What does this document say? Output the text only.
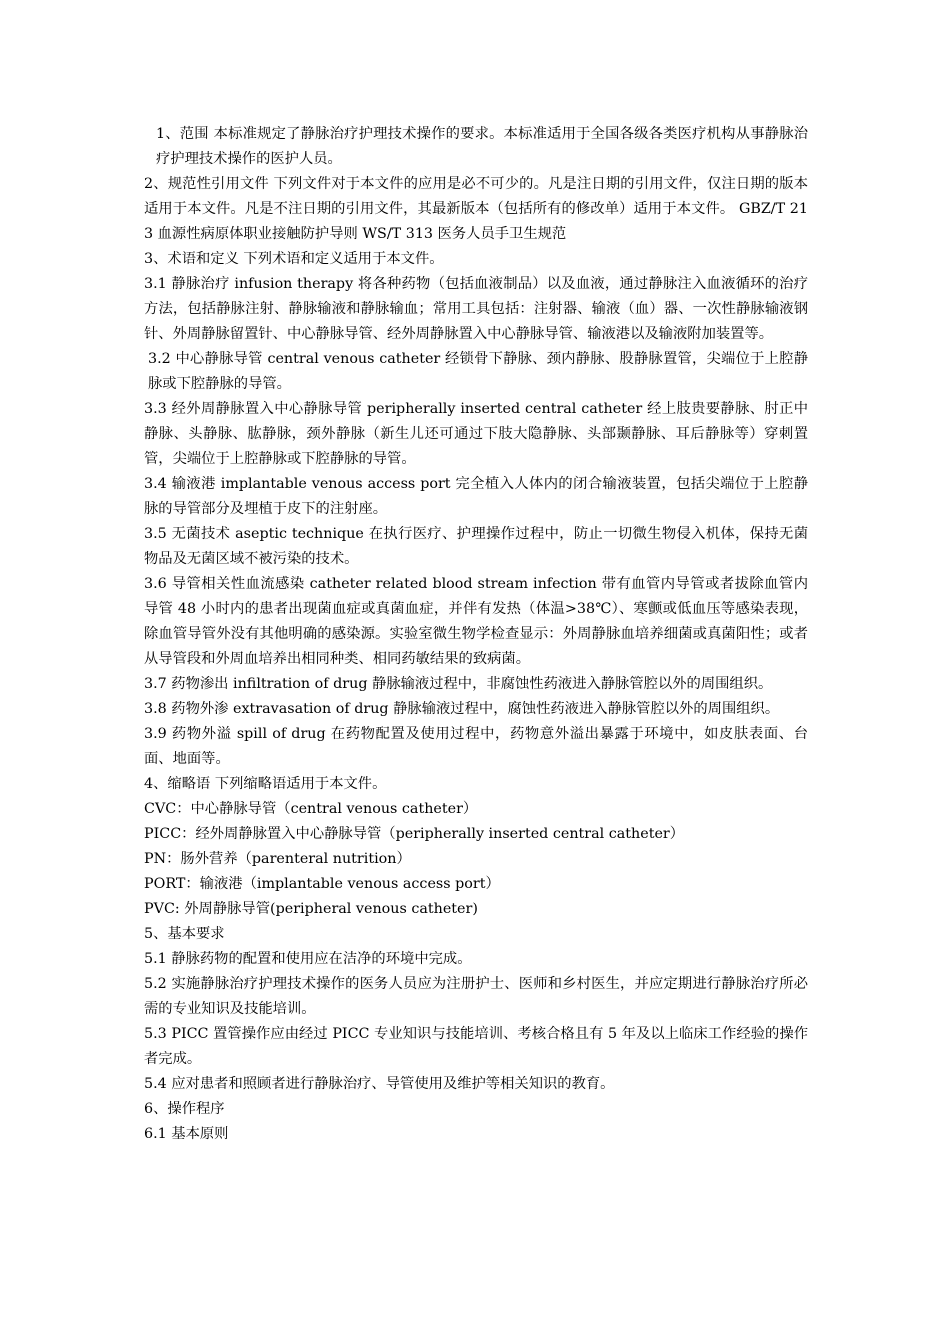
1、范围 本标准规定了静脉治疗护理技术操作的要求。本标准适用于全国各级各类医疗机构从事静脉治疗护理技术操作的医护人员。

2、规范性引用文件 下列文件对于本文件的应用是必不可少的。凡是注日期的引用文件，仅注日期的版本适用于本文件。凡是不注日期的引用文件，其最新版本（包括所有的修改单）适用于本文件。 GBZ/T 213 血源性病原体职业接触防护导则 WS/T 313 医务人员手卫生规范

3、术语和定义 下列术语和定义适用于本文件。

3.1 静脉治疗 infusion therapy 将各种药物（包括血液制品）以及血液，通过静脉注入血液循环的治疗方法，包括静脉注射、静脉输液和静脉输血；常用工具包括：注射器、输液（血）器、一次性静脉输液钢针、外周静脉留置针、中心静脉导管、经外周静脉置入中心静脉导管、输液港以及输液附加装置等。

3.2 中心静脉导管 central venous catheter 经锁骨下静脉、颈内静脉、股静脉置管，尖端位于上腔静脉或下腔静脉的导管。

3.3 经外周静脉置入中心静脉导管 peripherally inserted central catheter 经上肢贵要静脉、肘正中静脉、头静脉、肱静脉，颈外静脉（新生儿还可通过下肢大隐静脉、头部颞静脉、耳后静脉等）穿刺置管，尖端位于上腔静脉或下腔静脉的导管。

3.4 输液港 implantable venous access port 完全植入人体内的闭合输液装置，包括尖端位于上腔静脉的导管部分及埋植于皮下的注射座。

3.5 无菌技术 aseptic technique 在执行医疗、护理操作过程中，防止一切微生物侵入机体，保持无菌物品及无菌区域不被污染的技术。

3.6 导管相关性血流感染 catheter related blood stream infection 带有血管内导管或者拔除血管内导管 48 小时内的患者出现菌血症或真菌血症，并伴有发热（体温>38℃）、寒颤或低血压等感染表现，除血管导管外没有其他明确的感染源。实验室微生物学检查显示：外周静脉血培养细菌或真菌阳性；或者从导管段和外周血培养出相同种类、相同药敏结果的致病菌。

3.7 药物渗出 infiltration of drug 静脉输液过程中，非腐蚀性药液进入静脉管腔以外的周围组织。

3.8 药物外渗 extravasation of drug 静脉输液过程中，腐蚀性药液进入静脉管腔以外的周围组织。

3.9 药物外溢 spill of drug 在药物配置及使用过程中，药物意外溢出暴露于环境中，如皮肤表面、台面、地面等。

4、缩略语 下列缩略语适用于本文件。

CVC：中心静脉导管（central venous catheter）

PICC：经外周静脉置入中心静脉导管（peripherally inserted central catheter）

PN：肠外营养（parenteral nutrition）

PORT：输液港（implantable venous access port）

PVC: 外周静脉导管(peripheral venous catheter)

5、基本要求

5.1 静脉药物的配置和使用应在洁净的环境中完成。

5.2 实施静脉治疗护理技术操作的医务人员应为注册护士、医师和乡村医生，并应定期进行静脉治疗所必需的专业知识及技能培训。

5.3 PICC 置管操作应由经过 PICC 专业知识与技能培训、考核合格且有 5 年及以上临床工作经验的操作者完成。

5.4 应对患者和照顾者进行静脉治疗、导管使用及维护等相关知识的教育。

6、操作程序

6.1 基本原则
